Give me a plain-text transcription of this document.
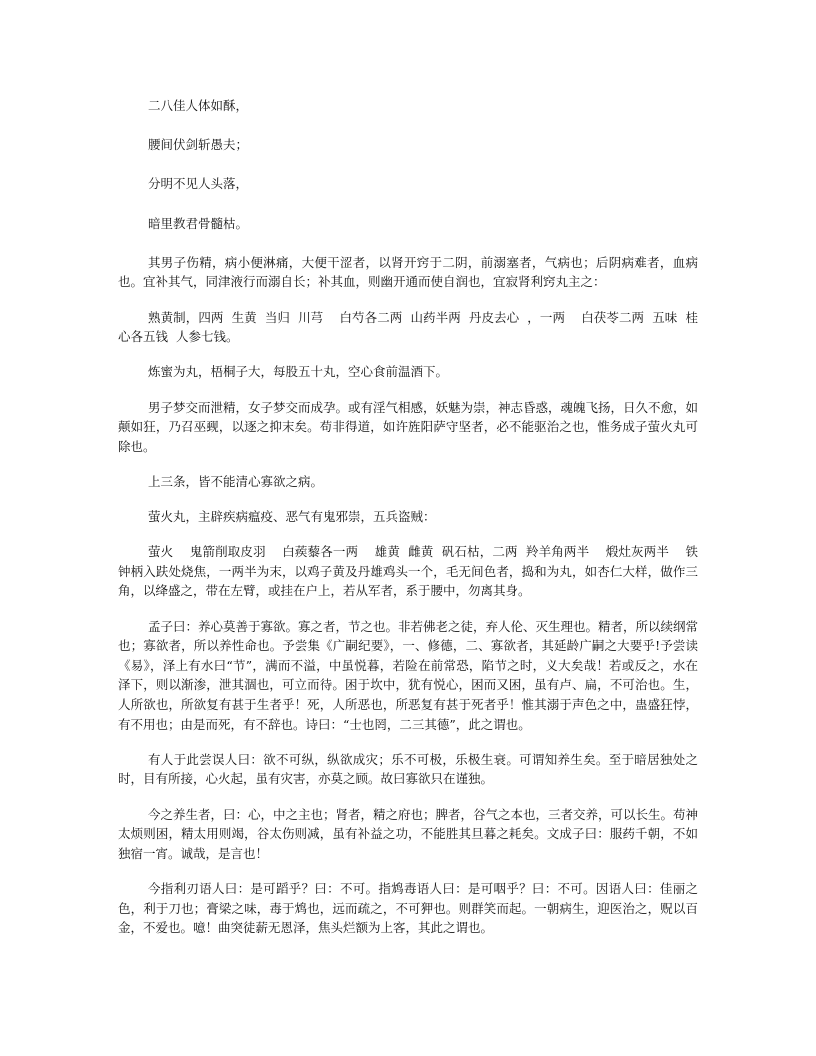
二八佳人体如酥，

腰间伏剑斩愚夫；

分明不见人头落，

暗里教君骨髓枯。

其男子伤精，病小便淋痛，大便干涩者，以肾开窍于二阴，前溺塞者，气病也；后阴病难者，血病也。宜补其气，同津液行而溺自长；补其血，则幽开通而使自润也，宜寂肾利窍丸主之：

熟黄制，四两  生黄  当归  川芎    白芍各二两  山药半两  丹皮去心  ，一两    白茯苓二两  五味  桂心各五钱  人参七钱。

炼蜜为丸，梧桐子大，每股五十丸，空心食前温酒下。

男子梦交而泄精，女子梦交而成孕。或有淫气相感，妖魅为崇，神志昏惑，魂魄飞扬，日久不愈，如颠如狂，乃召巫觋，以逐之抑末矣。苟非得道，如许旌阳萨守坚者，必不能驱治之也，惟务成子萤火丸可除也。

上三条，皆不能清心寡欲之病。

萤火丸，主辟疾病瘟疫、恶气有鬼邪崇，五兵盗贼：

萤火    鬼箭削取皮羽    白蒺藜各一两    雄黄  雌黄  矾石枯，二两  羚羊角两半    煅灶灰两半    铁钟柄入趺处烧焦，一两半为末，以鸡子黄及丹雄鸡头一个，毛无间色者，捣和为丸，如杏仁大样，做作三角，以绛盛之，带在左臂，或挂在户上，若从军者，系于腰中，勿离其身。

孟子曰：养心莫善于寡欲。寡之者，节之也。非若佛老之徒，弃人伦、灭生理也。精者，所以续纲常也；寡欲者，所以养性命也。予尝集《广嗣纪要》，一、修德，二、寡欲者，其延龄广嗣之大要乎!予尝读《易》，泽上有水曰“节”，满而不溢，中虽悦暮，若险在前常恐，陷节之时，义大矣哉！若或反之，水在泽下，则以渐渗，泄其涸也，可立而待。困于坎中，犹有悦心，困而又困，虽有卢、扁，不可治也。生，人所欲也，所欲复有甚于生者乎！死，人所恶也，所恶复有甚于死者乎！惟其溺于声色之中，蛊盛狂悖，有不用也；由是而死，有不辞也。诗曰：“士也罔，二三其德”，此之谓也。

有人于此尝误人曰：欲不可纵，纵欲成灾；乐不可极，乐极生衰。可谓知养生矣。至于暗居独处之时，目有所接，心火起，虽有灾害，亦莫之顾。故曰寡欲只在谨独。

今之养生者，曰：心，中之主也；肾者，精之府也；脾者，谷气之本也，三者交养，可以长生。苟神太烦则困，精太用则竭，谷太伤则减，虽有补益之功，不能胜其旦暮之耗矣。文成子曰：服药千朝，不如独宿一宵。诚哉，是言也！

今指利刃语人曰：是可蹈乎？曰：不可。指鸩毒语人曰：是可咽乎？曰：不可。因语人曰：佳丽之色，利于刀也；膏梁之味，毒于鸩也，远而疏之，不可狎也。则群笑而起。一朝病生，迎医治之，贶以百金，不爱也。噫！曲突徒薪无恩泽，焦头烂额为上客，其此之谓也。
